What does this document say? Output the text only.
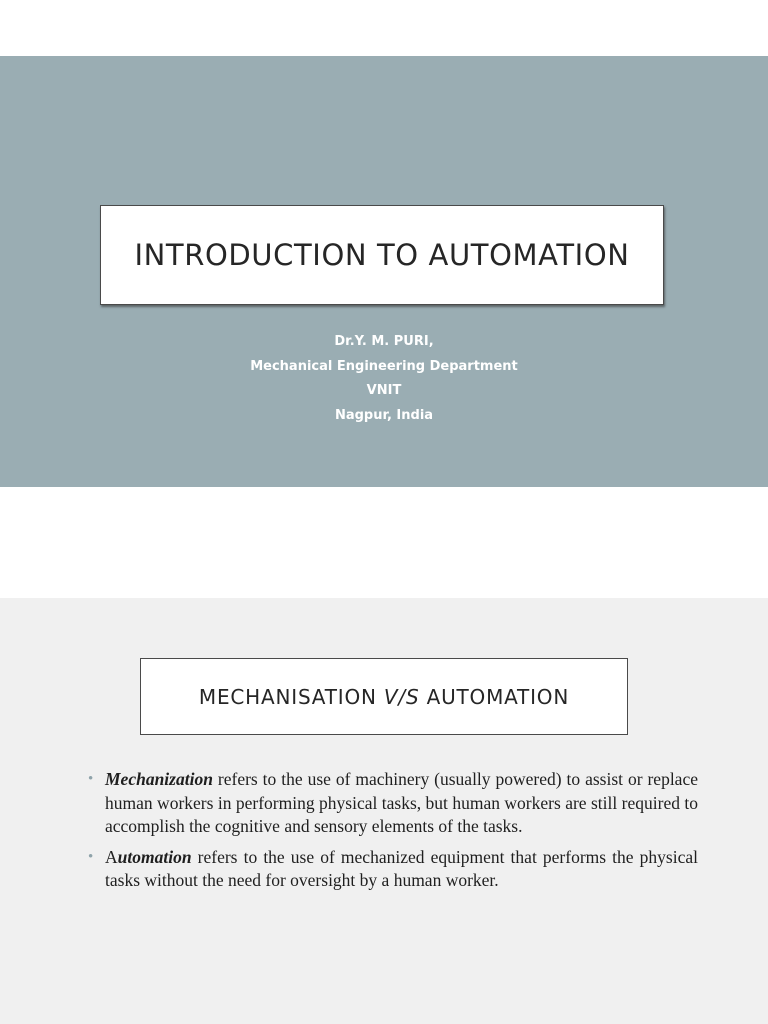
INTRODUCTION TO AUTOMATION
Dr.Y. M. PURI,
Mechanical Engineering Department
VNIT
Nagpur, India
MECHANISATION V/S AUTOMATION
• Mechanization refers to the use of machinery (usually powered) to assist or replace human workers in performing physical tasks, but human workers are still required to accomplish the cognitive and sensory elements of the tasks.
• Automation refers to the use of mechanized equipment that performs the physical tasks without the need for oversight by a human worker.
